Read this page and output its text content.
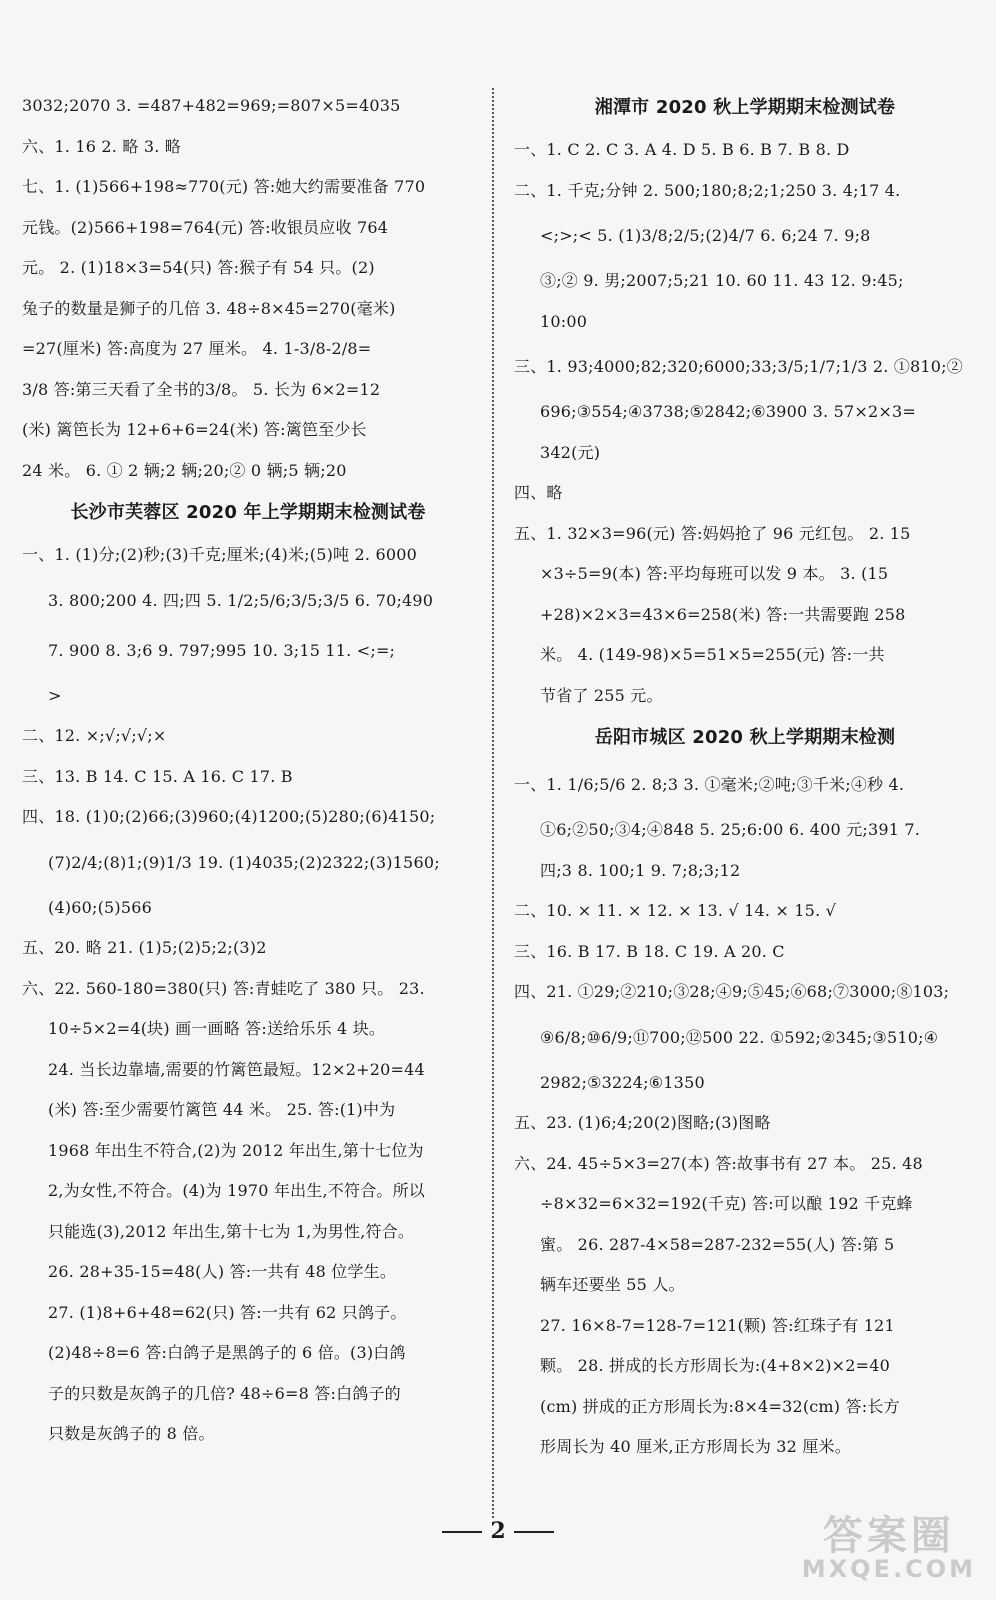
3032;2070 3. =487+482=969;=807×5=4035
六、1. 16 2. 略 3. 略
七、1. (1)566+198≈770(元) 答:她大约需要准备 770
元钱。(2)566+198=764(元) 答:收银员应收 764
元。 2. (1)18×3=54(只) 答:猴子有 54 只。(2)
兔子的数量是狮子的几倍 3. 48÷8×45=270(毫米)
=27(厘米) 答:高度为 27 厘米。 4. 1-3/8-2/8=
3/8 答:第三天看了全书的3/8。 5. 长为 6×2=12
(米) 篱笆长为 12+6+6=24(米) 答:篱笆至少长
24 米。 6. ① 2 辆;2 辆;20;② 0 辆;5 辆;20
长沙市芙蓉区 2020 年上学期期末检测试卷
一、1. (1)分;(2)秒;(3)千克;厘米;(4)米;(5)吨 2. 6000
3. 800;200 4. 四;四 5. 1/2;5/6;3/5;3/5 6. 70;490
7. 900 8. 3;6 9. 797;995 10. 3;15 11. <;=;
>
二、12. ×;√;√;√;×
三、13. B 14. C 15. A 16. C 17. B
四、18. (1)0;(2)66;(3)960;(4)1200;(5)280;(6)4150;
(7)2/4;(8)1;(9)1/3 19. (1)4035;(2)2322;(3)1560;
(4)60;(5)566
五、20. 略 21. (1)5;(2)5;2;(3)2
六、22. 560-180=380(只) 答:青蛙吃了 380 只。 23.
10÷5×2=4(块) 画一画略 答:送给乐乐 4 块。
24. 当长边靠墙,需要的竹篱笆最短。12×2+20=44
(米) 答:至少需要竹篱笆 44 米。 25. 答:(1)中为
1968 年出生不符合,(2)为 2012 年出生,第十七位为
2,为女性,不符合。(4)为 1970 年出生,不符合。所以
只能选(3),2012 年出生,第十七为 1,为男性,符合。
26. 28+35-15=48(人) 答:一共有 48 位学生。
27. (1)8+6+48=62(只) 答:一共有 62 只鸽子。
(2)48÷8=6 答:白鸽子是黑鸽子的 6 倍。(3)白鸽
子的只数是灰鸽子的几倍? 48÷6=8 答:白鸽子的
只数是灰鸽子的 8 倍。
湘潭市 2020 秋上学期期末检测试卷
一、1. C 2. C 3. A 4. D 5. B 6. B 7. B 8. D
二、1. 千克;分钟 2. 500;180;8;2;1;250 3. 4;17 4.
<;>;< 5. (1)3/8;2/5;(2)4/7 6. 6;24 7. 9;8
③;② 9. 男;2007;5;21 10. 60 11. 43 12. 9:45;
10:00
三、1. 93;4000;82;320;6000;33;3/5;1/7;1/3 2. ①810;②
696;③554;④3738;⑤2842;⑥3900 3. 57×2×3=
342(元)
四、略
五、1. 32×3=96(元) 答:妈妈抢了 96 元红包。 2. 15
×3÷5=9(本) 答:平均每班可以发 9 本。 3. (15
+28)×2×3=43×6=258(米) 答:一共需要跑 258
米。 4. (149-98)×5=51×5=255(元) 答:一共
节省了 255 元。
岳阳市城区 2020 秋上学期期末检测
一、1. 1/6;5/6 2. 8;3 3. ①毫米;②吨;③千米;④秒 4.
①6;②50;③4;④848 5. 25;6:00 6. 400 元;391 7.
四;3 8. 100;1 9. 7;8;3;12
二、10. × 11. × 12. × 13. √ 14. × 15. √
三、16. B 17. B 18. C 19. A 20. C
四、21. ①29;②210;③28;④9;⑤45;⑥68;⑦3000;⑧103;
⑨6/8;⑩6/9;⑪700;⑫500 22. ①592;②345;③510;④
2982;⑤3224;⑥1350
五、23. (1)6;4;20(2)图略;(3)图略
六、24. 45÷5×3=27(本) 答:故事书有 27 本。 25. 48
÷8×32=6×32=192(千克) 答:可以酿 192 千克蜂
蜜。 26. 287-4×58=287-232=55(人) 答:第 5
辆车还要坐 55 人。
27. 16×8-7=128-7=121(颗) 答:红珠子有 121
颗。 28. 拼成的长方形周长为:(4+8×2)×2=40
(cm) 拼成的正方形周长为:8×4=32(cm) 答:长方
形周长为 40 厘米,正方形周长为 32 厘米。
2	答案圈
MXQE.COM
